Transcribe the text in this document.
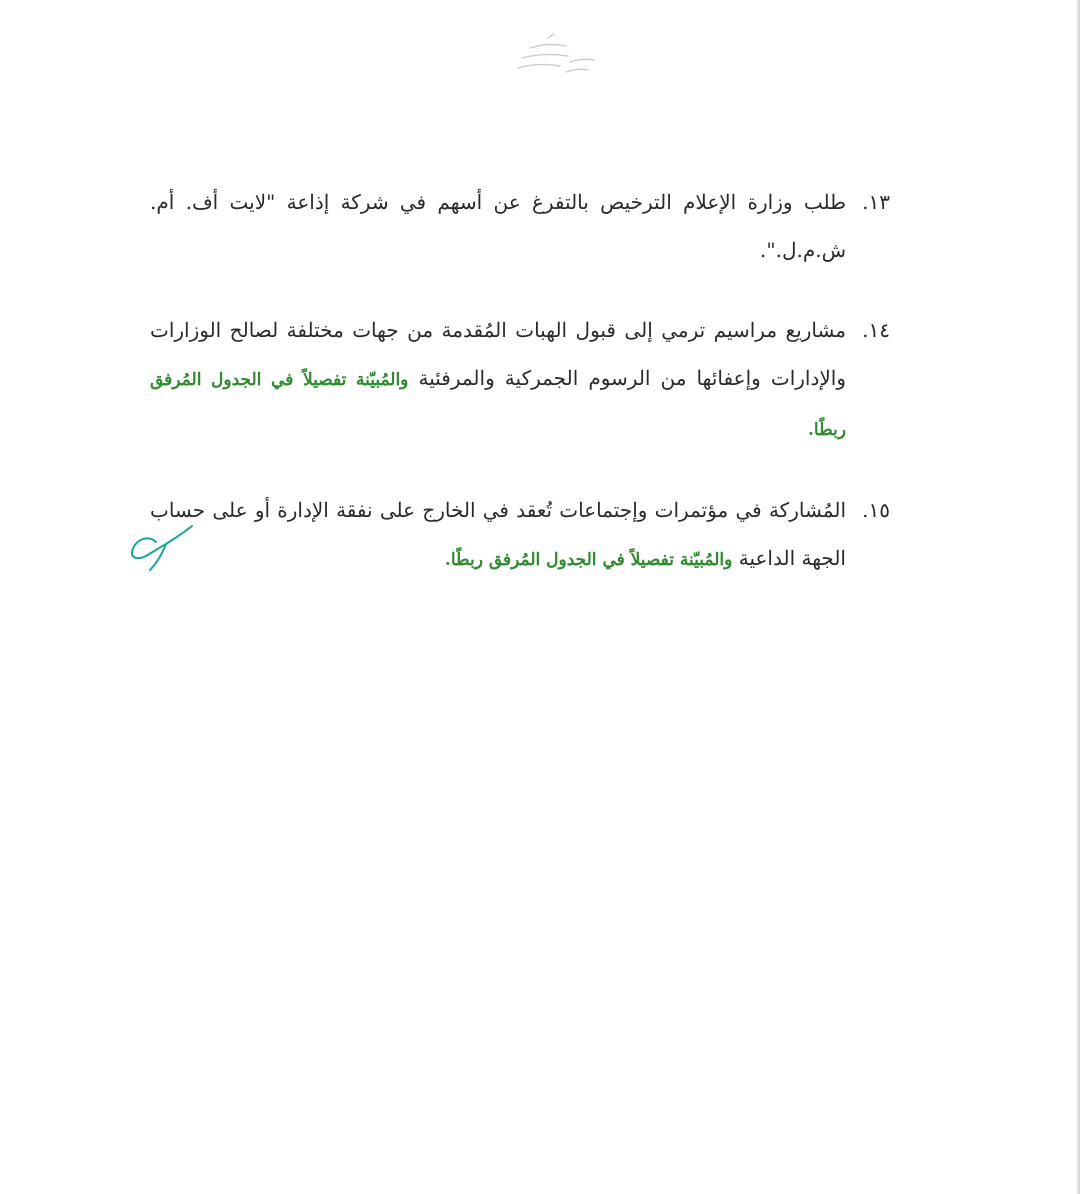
١٣.
طلب وزارة الإعلام الترخيص بالتفرغ عن أسهم في شركة إذاعة "لايت أف. أم. ش.م.ل.".
١٤.
مشاريع مراسيم ترمي إلى قبول الهبات المُقدمة من جهات مختلفة لصالح الوزارات والإدارات وإعفائها من الرسوم الجمركية والمرفئية والمُبيّنة تفصيلاً في الجدول المُرفق ربطًا.
١٥.
المُشاركة في مؤتمرات وإجتماعات تُعقد في الخارج على نفقة الإدارة أو على حساب الجهة الداعية والمُبيّنة تفصيلاً في الجدول المُرفق ربطًا.
